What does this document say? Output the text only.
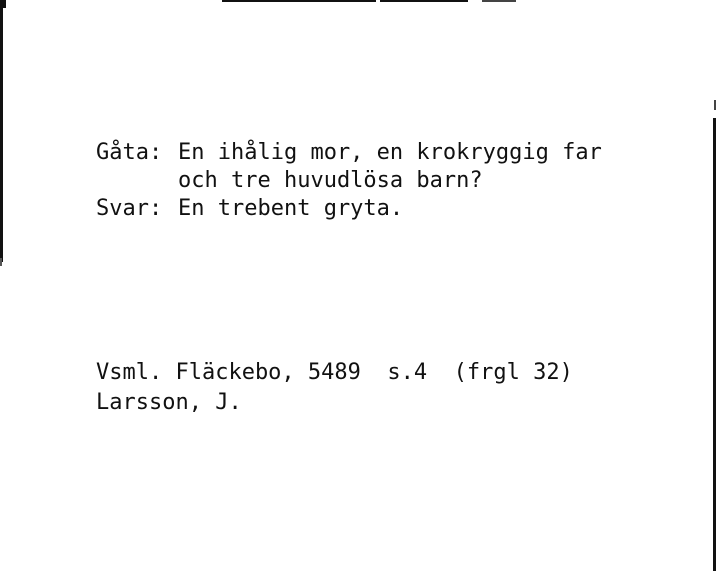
Gåta: En ihålig mor, en krokryggig far
och tre huvudlösa barn?
Svar: En trebent gryta.
Vsml. Fläckebo, 5489  s.4  (frgl 32)
Larsson, J.
